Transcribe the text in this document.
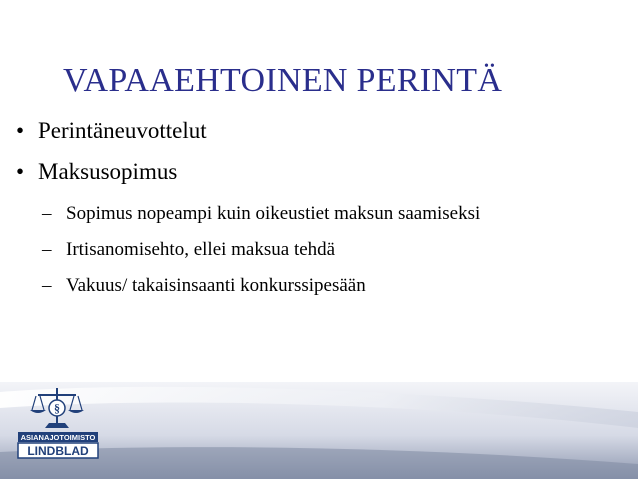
VAPAAEHTOINEN PERINTÄ
• Perintäneuvottelut
• Maksusopimus
– Sopimus nopeampi kuin oikeustiet maksun saamiseksi
– Irtisanomisehto, ellei maksua tehdä
– Vakuus/ takaisinsaanti konkurssipesään
§
ASIANAJOTOIMISTO
LINDBLAD
